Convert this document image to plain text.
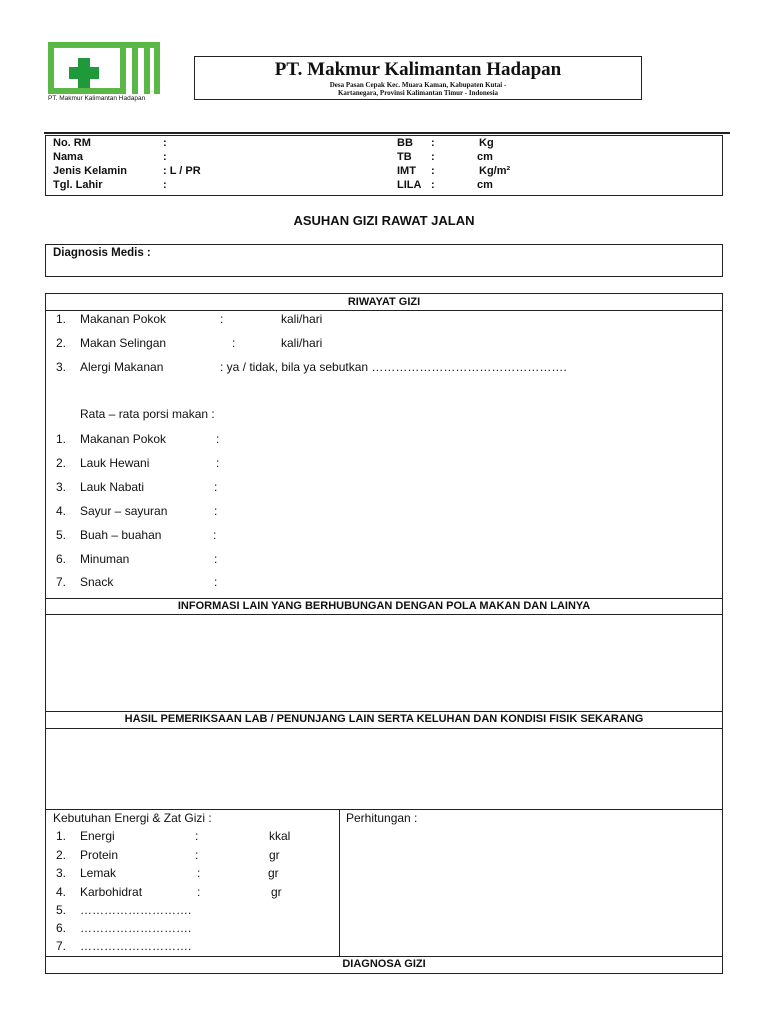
PT. Makmur Kalimantan Hadapan
PT. Makmur Kalimantan Hadapan
Desa Pasan Cepak Kec. Muara Kaman, Kabupaten Kutai -
Kartanegara, Provinsi Kalimantan Timur - Indonesia
No. RM	:
Nama	:
Jenis Kelamin	: L / PR
Tgl. Lahir	:
BB :	Kg
TB :	cm
IMT :	Kg/m²
LILA :	cm
ASUHAN GIZI RAWAT JALAN
Diagnosis Medis :
RIWAYAT GIZI
1. Makanan Pokok	:	kali/hari
2. Makan Selingan	:	kali/hari
3. Alergi Makanan	: ya / tidak, bila ya sebutkan ………………………………………….
Rata – rata porsi makan :
1. Makanan Pokok	:
2. Lauk Hewani	:
3. Lauk Nabati	:
4. Sayur – sayuran	:
5. Buah – buahan	:
6. Minuman	:
7. Snack	:
INFORMASI LAIN YANG BERHUBUNGAN DENGAN POLA MAKAN DAN LAINYA
HASIL PEMERIKSAAN LAB / PENUNJANG LAIN SERTA KELUHAN DAN KONDISI FISIK SEKARANG
Kebutuhan Energi & Zat Gizi :
1. Energi	:	kkal
2. Protein	:	gr
3. Lemak	:	gr
4. Karbohidrat	:	gr
5. ……………………….
6. ……………………….
7. ……………………….
Perhitungan :
DIAGNOSA GIZI
